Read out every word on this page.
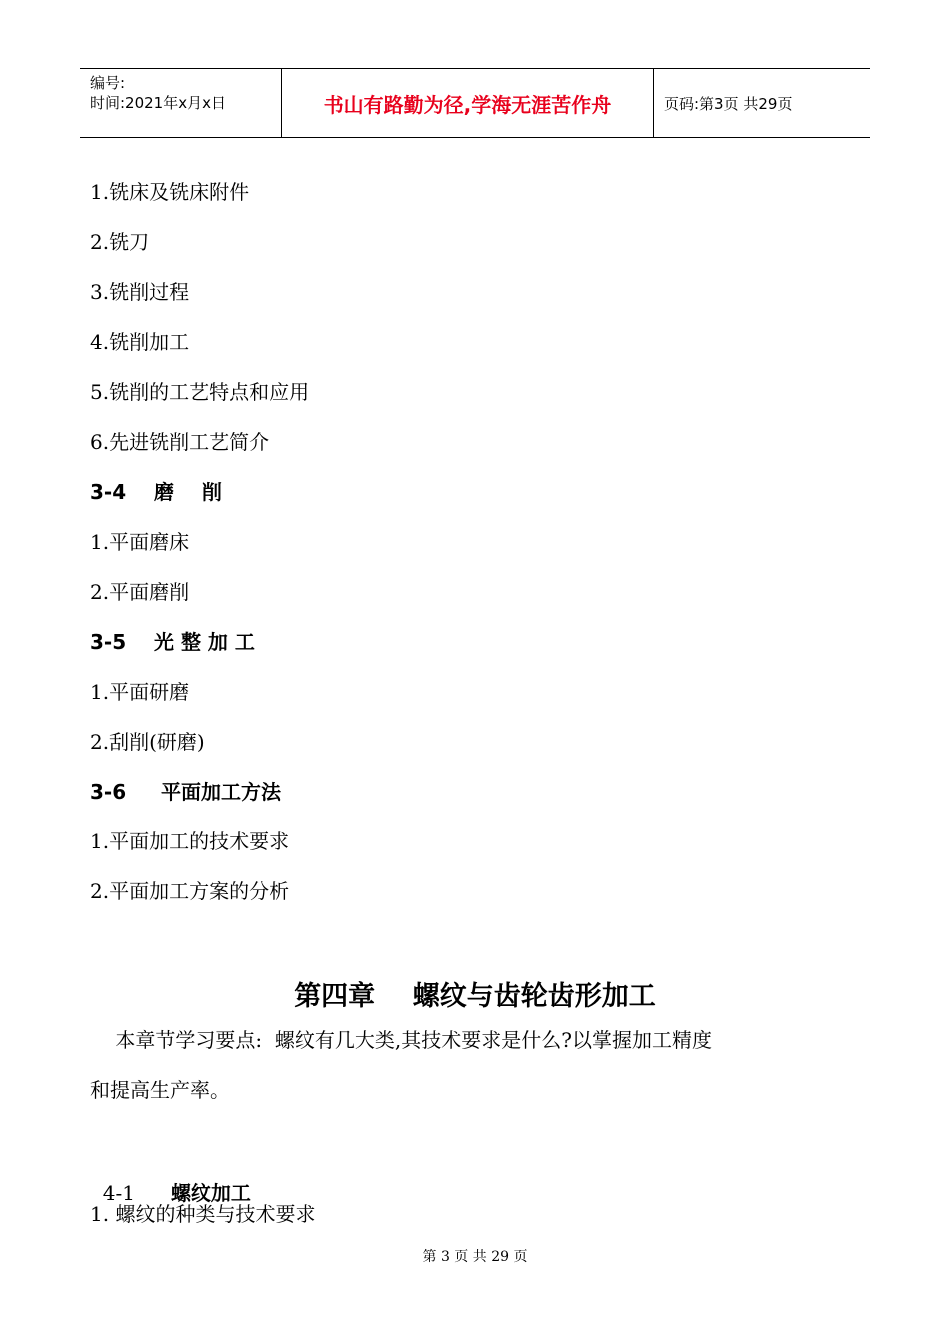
编号:
时间:2021年x月x日	书山有路勤为径,学海无涯苦作舟	页码:第3页 共29页
1.铣床及铣床附件
2.铣刀
3.铣削过程
4.铣削加工
5.铣削的工艺特点和应用
6.先进铣削工艺简介
3-4    磨    削
1.平面磨床
2.平面磨削
3-5    光 整 加 工
1.平面研磨
2.刮削(研磨)
3-6     平面加工方法
1.平面加工的技术要求
2.平面加工方案的分析
第四章    螺纹与齿轮齿形加工
本章节学习要点:  螺纹有几大类,其技术要求是什么?以掌握加工精度
和提高生产率。

4-1 螺纹加工

1. 螺纹的种类与技术要求
第 3 页 共 29 页
